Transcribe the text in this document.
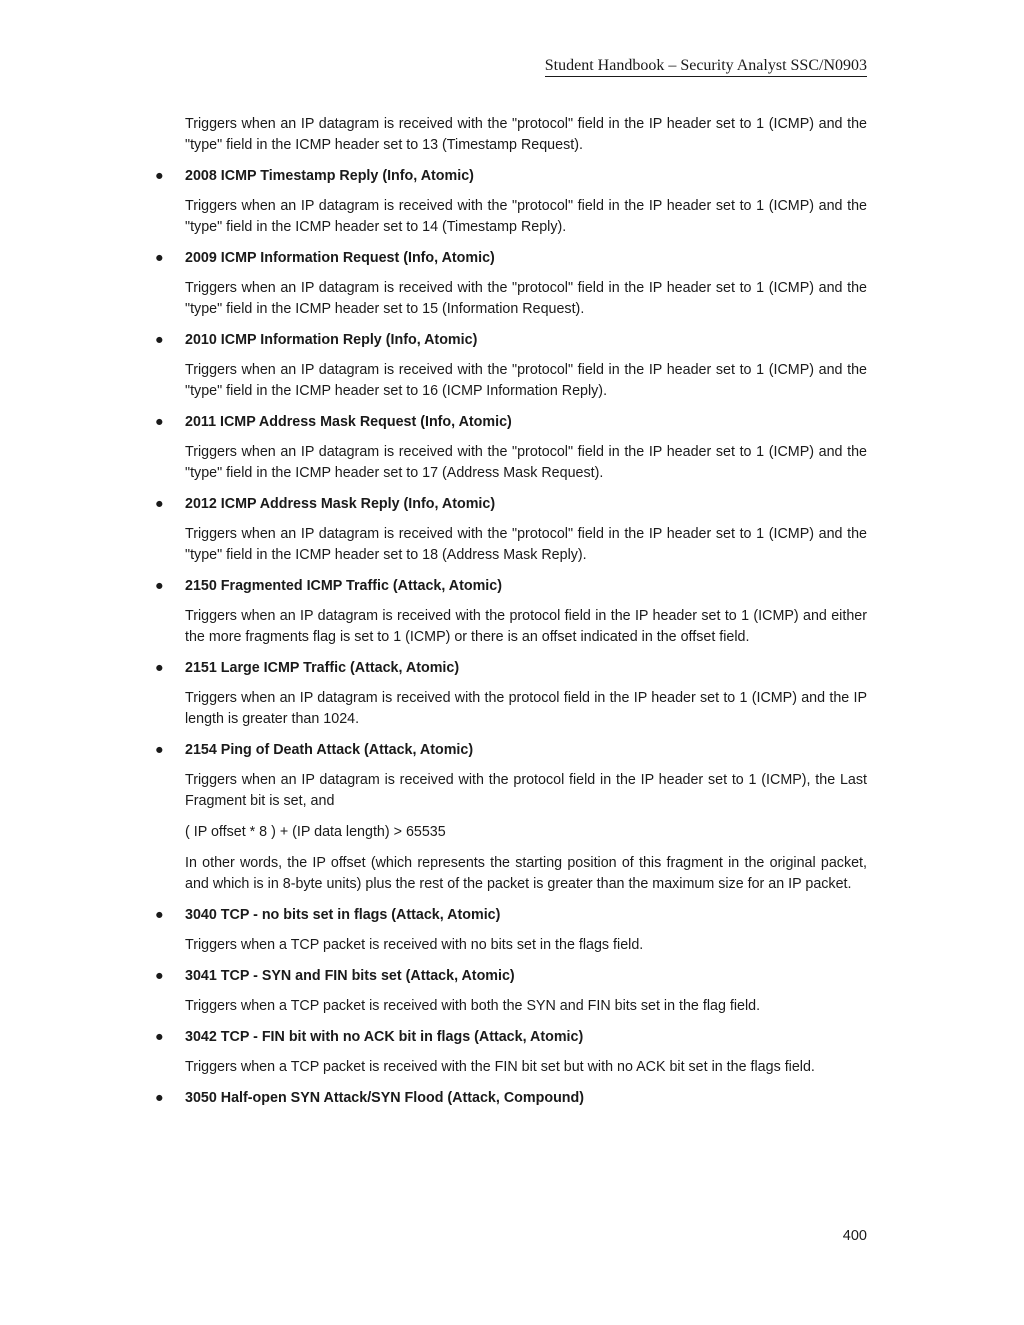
Student Handbook – Security Analyst SSC/N0903

Triggers when an IP datagram is received with the "protocol" field in the IP header set to 1 (ICMP) and the "type" field in the ICMP header set to 13 (Timestamp Request).

● 2008 ICMP Timestamp Reply (Info, Atomic)

Triggers when an IP datagram is received with the "protocol" field in the IP header set to 1 (ICMP) and the "type" field in the ICMP header set to 14 (Timestamp Reply).

● 2009 ICMP Information Request (Info, Atomic)

Triggers when an IP datagram is received with the "protocol" field in the IP header set to 1 (ICMP) and the "type" field in the ICMP header set to 15 (Information Request).

● 2010 ICMP Information Reply (Info, Atomic)

Triggers when an IP datagram is received with the "protocol" field in the IP header set to 1 (ICMP) and the "type" field in the ICMP header set to 16 (ICMP Information Reply).

● 2011 ICMP Address Mask Request (Info, Atomic)

Triggers when an IP datagram is received with the "protocol" field in the IP header set to 1 (ICMP) and the "type" field in the ICMP header set to 17 (Address Mask Request).

● 2012 ICMP Address Mask Reply (Info, Atomic)

Triggers when an IP datagram is received with the "protocol" field in the IP header set to 1 (ICMP) and the "type" field in the ICMP header set to 18 (Address Mask Reply).

● 2150 Fragmented ICMP Traffic (Attack, Atomic)

Triggers when an IP datagram is received with the protocol field in the IP header set to 1 (ICMP) and either the more fragments flag is set to 1 (ICMP) or there is an offset indicated in the offset field.

● 2151 Large ICMP Traffic (Attack, Atomic)

Triggers when an IP datagram is received with the protocol field in the IP header set to 1 (ICMP) and the IP length is greater than 1024.

● 2154 Ping of Death Attack (Attack, Atomic)

Triggers when an IP datagram is received with the protocol field in the IP header set to 1 (ICMP), the Last Fragment bit is set, and

( IP offset * 8 ) + (IP data length) > 65535

In other words, the IP offset (which represents the starting position of this fragment in the original packet, and which is in 8-byte units) plus the rest of the packet is greater than the maximum size for an IP packet.

● 3040 TCP - no bits set in flags (Attack, Atomic)

Triggers when a TCP packet is received with no bits set in the flags field.

● 3041 TCP - SYN and FIN bits set (Attack, Atomic)

Triggers when a TCP packet is received with both the SYN and FIN bits set in the flag field.

● 3042 TCP - FIN bit with no ACK bit in flags (Attack, Atomic)

Triggers when a TCP packet is received with the FIN bit set but with no ACK bit set in the flags field.

● 3050 Half-open SYN Attack/SYN Flood (Attack, Compound)
400
